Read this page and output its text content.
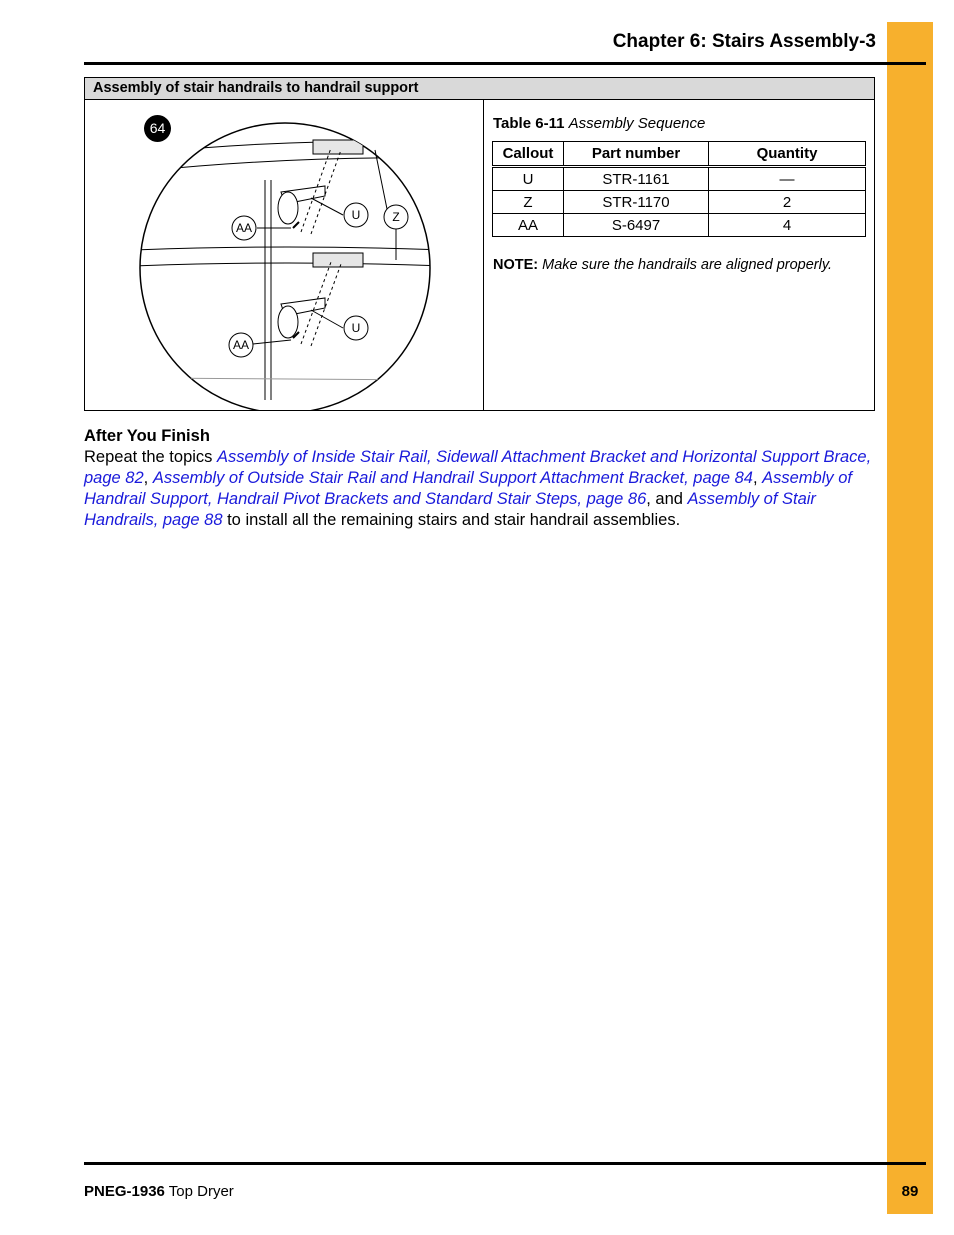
Chapter 6: Stairs Assembly-3
Assembly of stair handrails to handrail support
64
AA
U	Z
AA
U
Table 6-11 Assembly Sequence
Callout	Part number	Quantity
U	STR-1161	—
Z	STR-1170	2
AA	S-6497	4
NOTE: Make sure the handrails are aligned properly.
After You Finish
Repeat the topics Assembly of Inside Stair Rail, Sidewall Attachment Bracket and Horizontal Support Brace, page 82, Assembly of Outside Stair Rail and Handrail Support Attachment Bracket, page 84, Assembly of Handrail Support, Handrail Pivot Brackets and Standard Stair Steps, page 86, and Assembly of Stair Handrails, page 88 to install all the remaining stairs and stair handrail assemblies.
PNEG-1936 Top Dryer	89
